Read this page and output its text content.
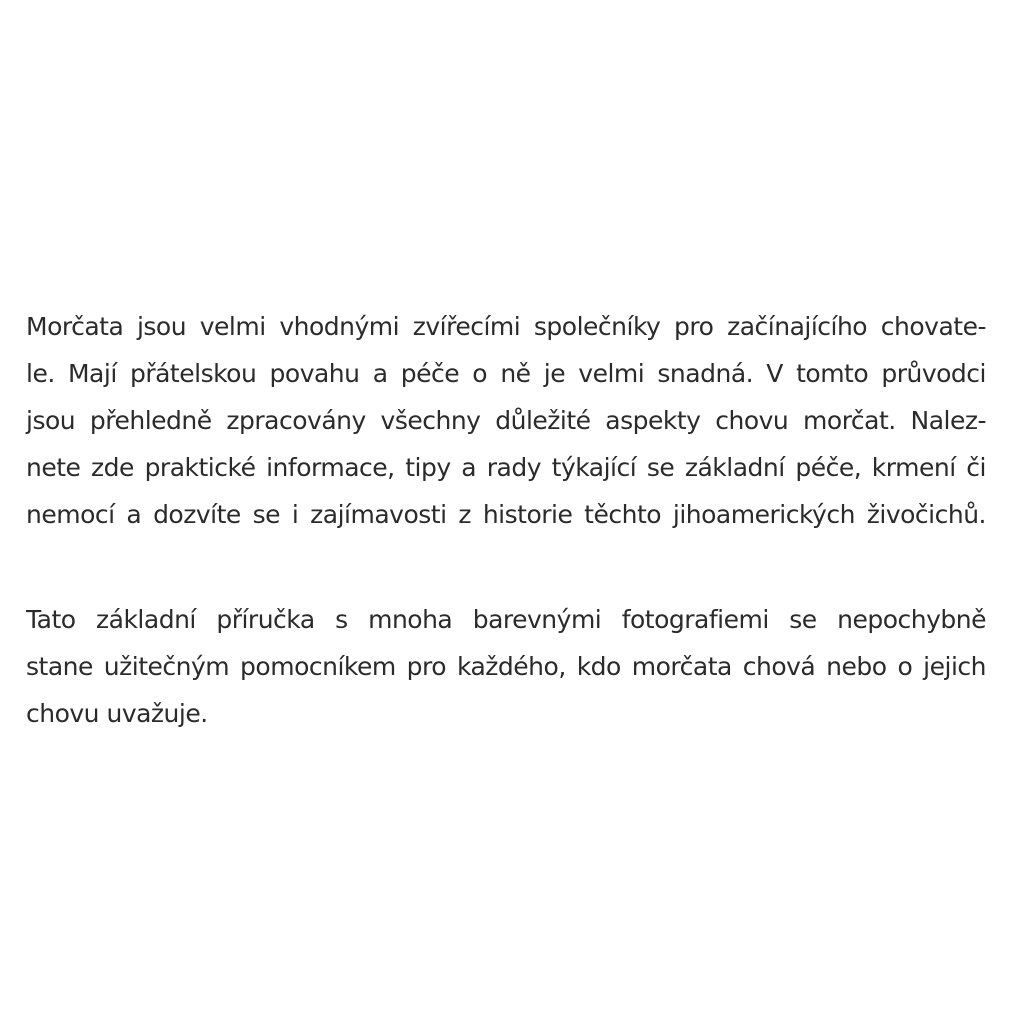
Morčata jsou velmi vhodnými zvířecími společníky pro začínajícího chovate-
le. Mají přátelskou povahu a péče o ně je velmi snadná. V tomto průvodci
jsou přehledně zpracovány všechny důležité aspekty chovu morčat. Nalez-
nete zde praktické informace, tipy a rady týkající se základní péče, krmení či
nemocí a dozvíte se i zajímavosti z historie těchto jihoamerických živočichů.

Tato základní příručka s mnoha barevnými fotografiemi se nepochybně
stane užitečným pomocníkem pro každého, kdo morčata chová nebo o jejich
chovu uvažuje.
